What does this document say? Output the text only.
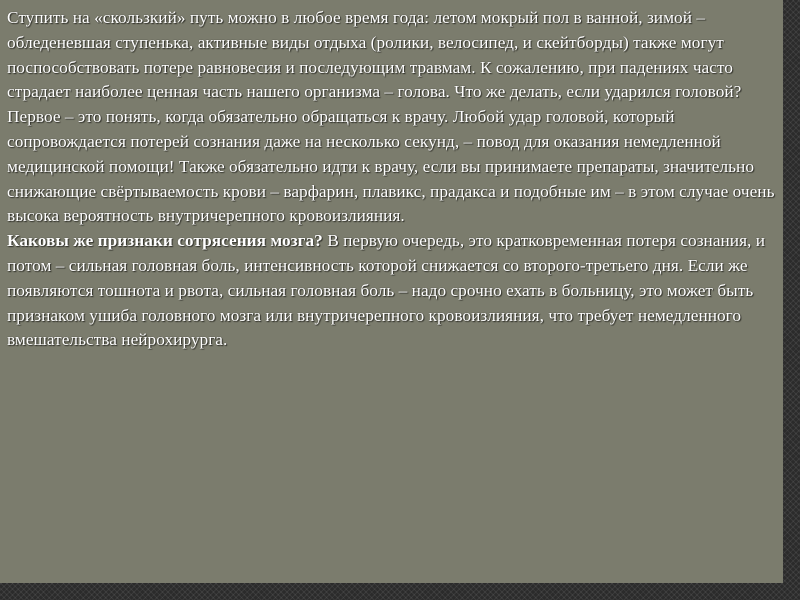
Ступить на «скользкий» путь можно в любое время года: летом мокрый пол в ванной, зимой – обледеневшая ступенька, активные виды отдыха (ролики, велосипед, и скейтборды) также могут поспособствовать потере равновесия и последующим травмам. К сожалению, при падениях часто страдает наиболее ценная часть нашего организма – голова. Что же делать, если ударился головой? Первое – это понять, когда обязательно обращаться к врачу. Любой удар головой, который сопровождается потерей сознания даже на несколько секунд, – повод для оказания немедленной медицинской помощи! Также обязательно идти к врачу, если вы принимаете препараты, значительно снижающие свёртываемость крови – варфарин, плавикс, прадакса и подобные им – в этом случае очень высока вероятность внутричерепного кровоизлияния.

Каковы же признаки сотрясения мозга? В первую очередь, это кратковременная потеря сознания, и потом – сильная головная боль, интенсивность которой снижается со второго-третьего дня. Если же появляются тошнота и рвота, сильная головная боль – надо срочно ехать в больницу, это может быть признаком ушиба головного мозга или внутричерепного кровоизлияния, что требует немедленного вмешательства нейрохирурга.
